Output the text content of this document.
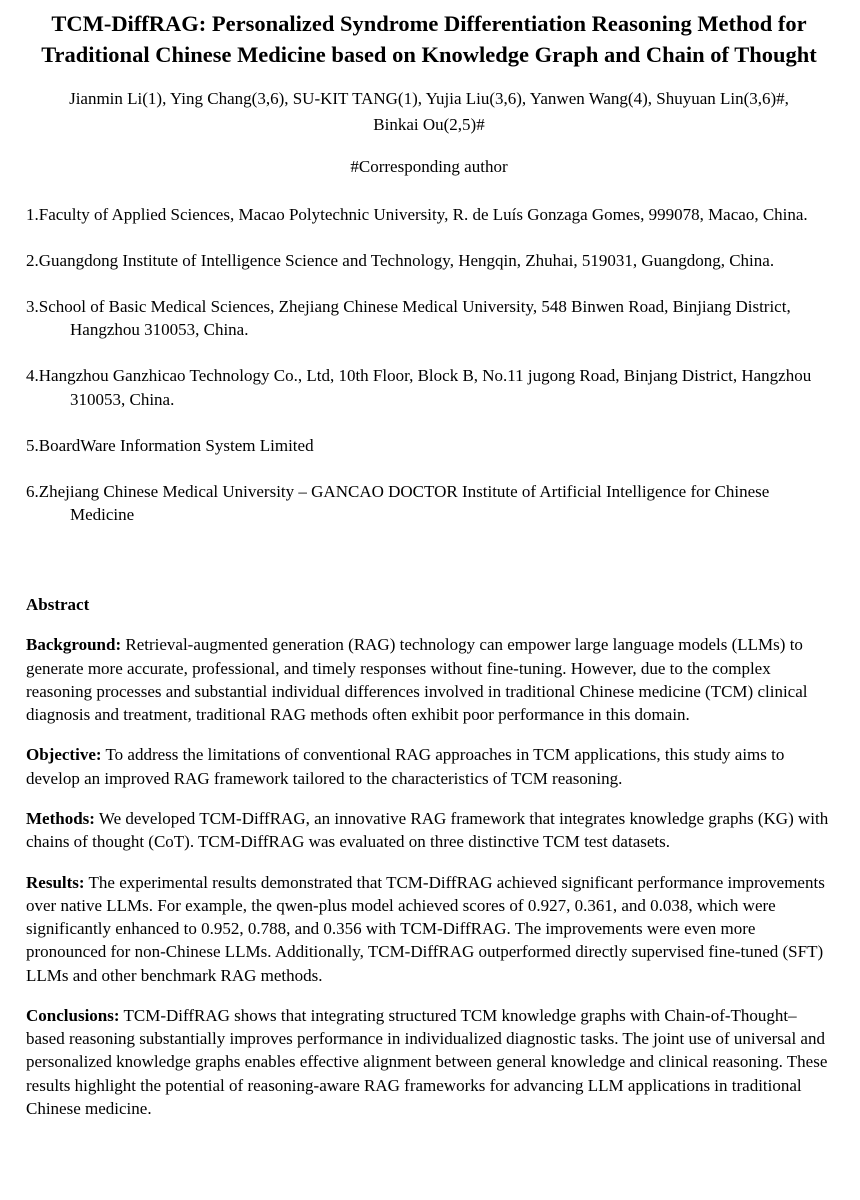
TCM-DiffRAG: Personalized Syndrome Differentiation Reasoning Method for Traditional Chinese Medicine based on Knowledge Graph and Chain of Thought

Jianmin Li(1), Ying Chang(3,6), SU-KIT TANG(1), Yujia Liu(3,6), Yanwen Wang(4), Shuyuan Lin(3,6)#, Binkai Ou(2,5)#

#Corresponding author

1.Faculty of Applied Sciences, Macao Polytechnic University, R. de Luís Gonzaga Gomes, 999078, Macao, China.

2.Guangdong Institute of Intelligence Science and Technology, Hengqin, Zhuhai, 519031, Guangdong, China.

3.School of Basic Medical Sciences, Zhejiang Chinese Medical University, 548 Binwen Road, Binjiang District, Hangzhou 310053, China.

4.Hangzhou Ganzhicao Technology Co., Ltd, 10th Floor, Block B, No.11 jugong Road, Binjang District, Hangzhou 310053, China.

5.BoardWare Information System Limited

6.Zhejiang Chinese Medical University – GANCAO DOCTOR Institute of Artificial Intelligence for Chinese Medicine

Abstract

Background: Retrieval-augmented generation (RAG) technology can empower large language models (LLMs) to generate more accurate, professional, and timely responses without fine-tuning. However, due to the complex reasoning processes and substantial individual differences involved in traditional Chinese medicine (TCM) clinical diagnosis and treatment, traditional RAG methods often exhibit poor performance in this domain.

Objective: To address the limitations of conventional RAG approaches in TCM applications, this study aims to develop an improved RAG framework tailored to the characteristics of TCM reasoning.

Methods: We developed TCM-DiffRAG, an innovative RAG framework that integrates knowledge graphs (KG) with chains of thought (CoT). TCM-DiffRAG was evaluated on three distinctive TCM test datasets.

Results: The experimental results demonstrated that TCM-DiffRAG achieved significant performance improvements over native LLMs. For example, the qwen-plus model achieved scores of 0.927, 0.361, and 0.038, which were significantly enhanced to 0.952, 0.788, and 0.356 with TCM-DiffRAG. The improvements were even more pronounced for non-Chinese LLMs. Additionally, TCM-DiffRAG outperformed directly supervised fine-tuned (SFT) LLMs and other benchmark RAG methods.

Conclusions: TCM-DiffRAG shows that integrating structured TCM knowledge graphs with Chain-of-Thought–based reasoning substantially improves performance in individualized diagnostic tasks. The joint use of universal and personalized knowledge graphs enables effective alignment between general knowledge and clinical reasoning. These results highlight the potential of reasoning-aware RAG frameworks for advancing LLM applications in traditional Chinese medicine.
